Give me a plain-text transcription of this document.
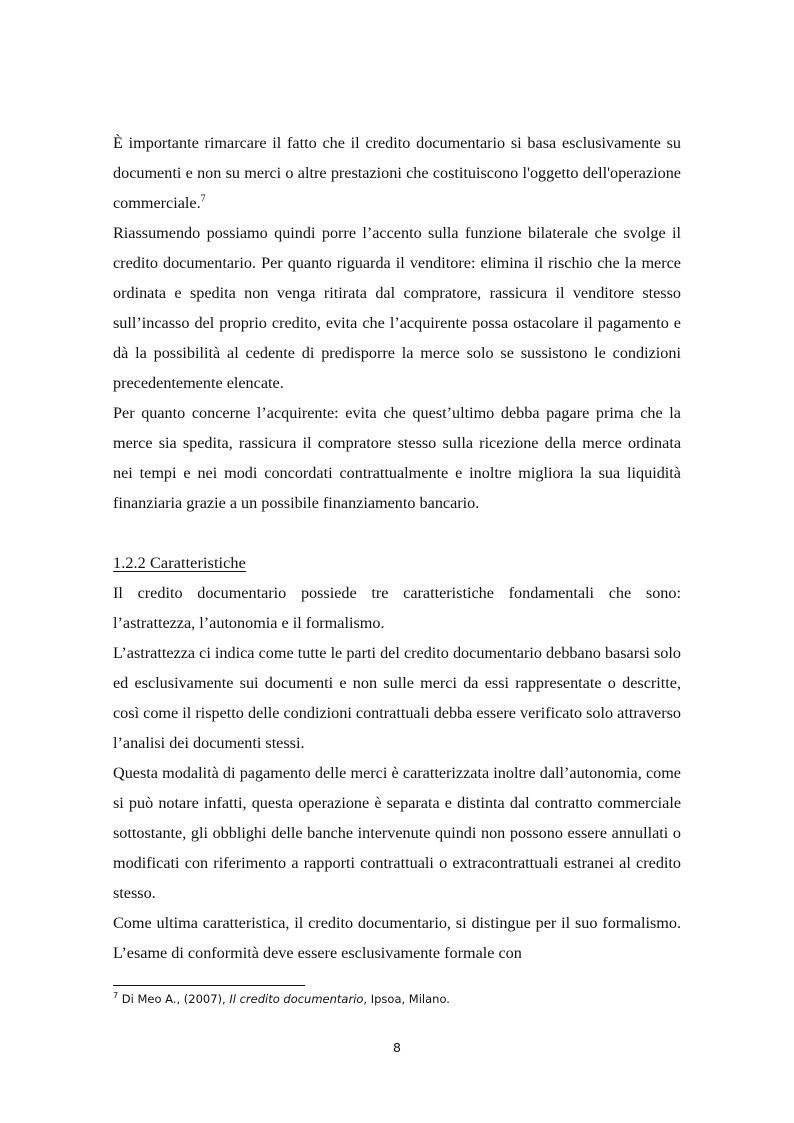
È importante rimarcare il fatto che il credito documentario si basa esclusivamente su documenti e non su merci o altre prestazioni che costituiscono l'oggetto dell'operazione commerciale.$^7$

Riassumendo possiamo quindi porre l’accento sulla funzione bilaterale che svolge il credito documentario. Per quanto riguarda il venditore: elimina il rischio che la merce ordinata e spedita non venga ritirata dal compratore, rassicura il venditore stesso sull’incasso del proprio credito, evita che l’acquirente possa ostacolare il pagamento e dà la possibilità al cedente di predisporre la merce solo se sussistono le condizioni precedentemente elencate.

Per quanto concerne l’acquirente: evita che quest’ultimo debba pagare prima che la merce sia spedita, rassicura il compratore stesso sulla ricezione della merce ordinata nei tempi e nei modi concordati contrattualmente e inoltre migliora la sua liquidità finanziaria grazie a un possibile finanziamento bancario.

1.2.2 Caratteristiche

Il credito documentario possiede tre caratteristiche fondamentali che sono: l’astrattezza, l’autonomia e il formalismo.

L’astrattezza ci indica come tutte le parti del credito documentario debbano basarsi solo ed esclusivamente sui documenti e non sulle merci da essi rappresentate o descritte, così come il rispetto delle condizioni contrattuali debba essere verificato solo attraverso l’analisi dei documenti stessi.

Questa modalità di pagamento delle merci è caratterizzata inoltre dall’autonomia, come si può notare infatti, questa operazione è separata e distinta dal contratto commerciale sottostante, gli obblighi delle banche intervenute quindi non possono essere annullati o modificati con riferimento a rapporti contrattuali o extracontrattuali estranei al credito stesso.

Come ultima caratteristica, il credito documentario, si distingue per il suo formalismo. L’esame di conformità deve essere esclusivamente formale con

$^7$ Di Meo A., (2007), Il credito documentario, Ipsoa, Milano.
8
